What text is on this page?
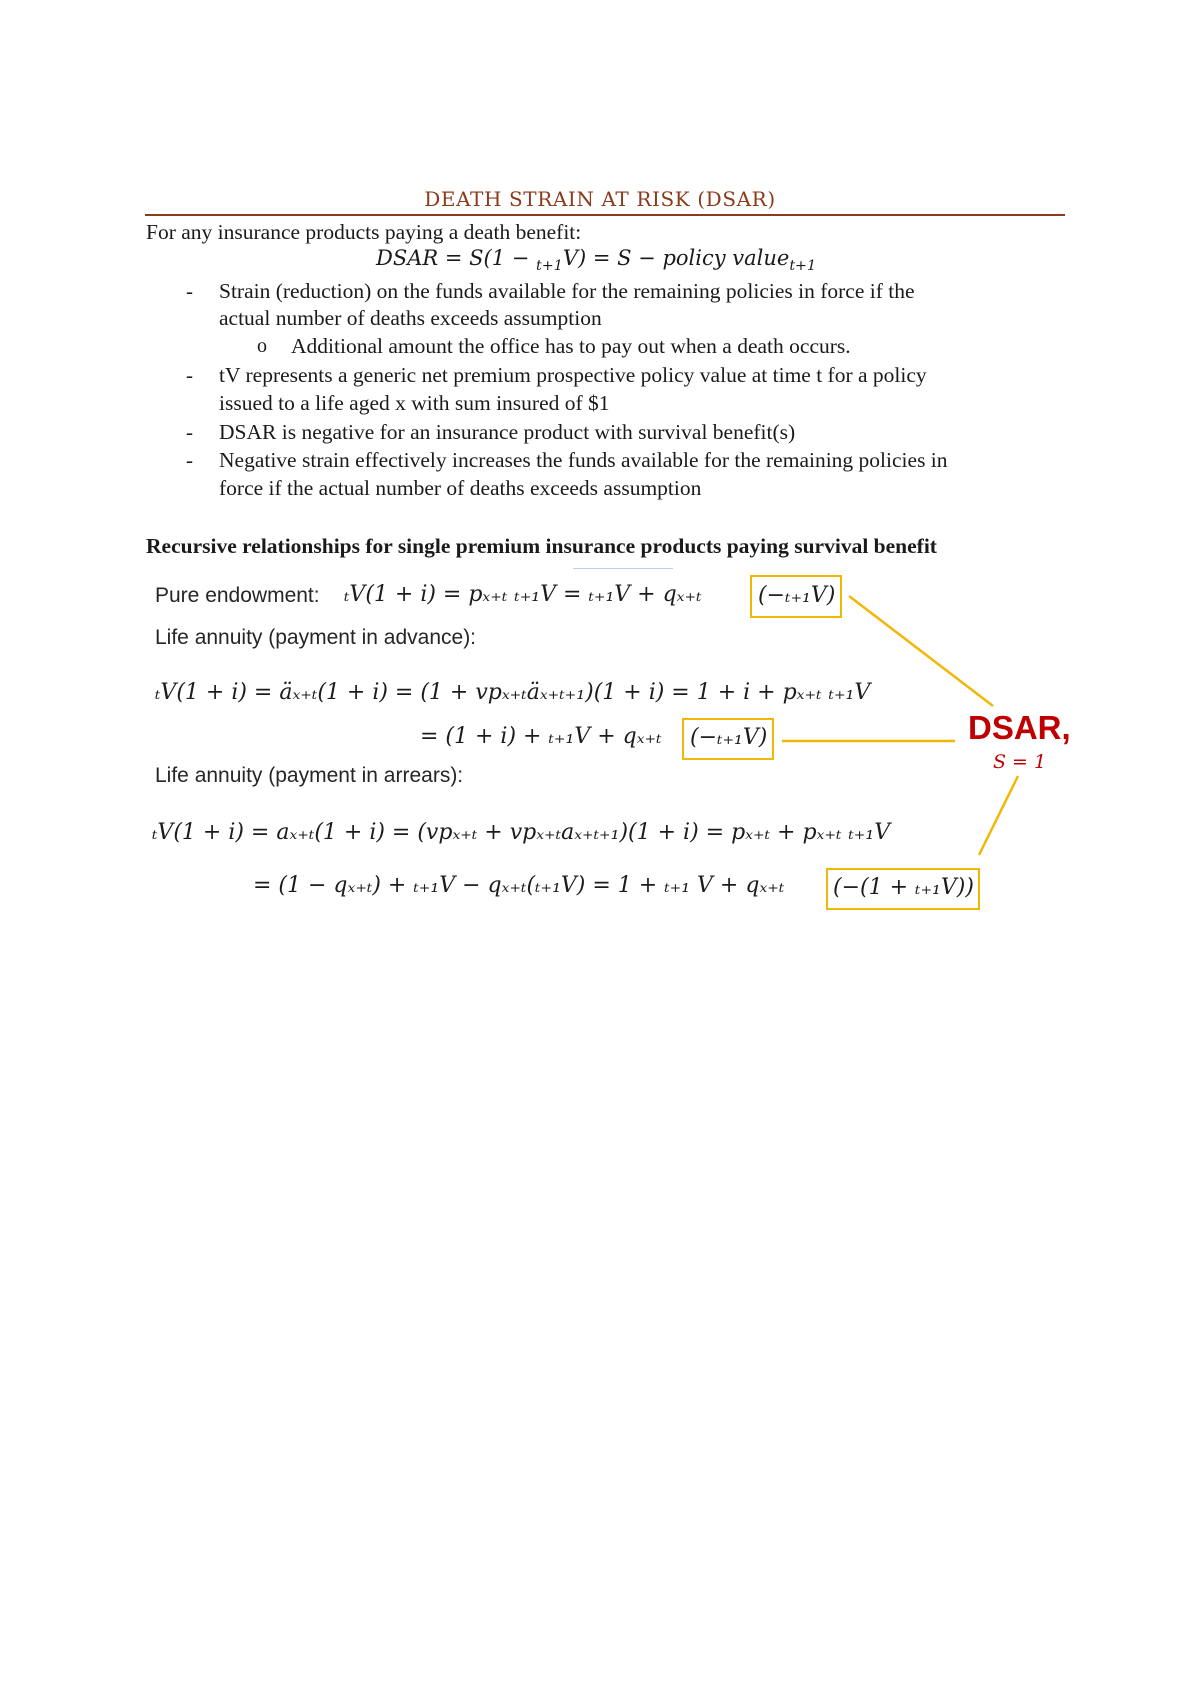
DEATH STRAIN AT RISK (DSAR)
For any insurance products paying a death benefit:
DSAR = S(1 − $_{t+1}$V) = S − policy value$_{t+1}$
- Strain (reduction) on the funds available for the remaining policies in force if the
actual number of deaths exceeds assumption
o Additional amount the office has to pay out when a death occurs.
- tV represents a generic net premium prospective policy value at time t for a policy
issued to a life aged x with sum insured of $1
- DSAR is negative for an insurance product with survival benefit(s)
- Negative strain effectively increases the funds available for the remaining policies in
force if the actual number of deaths exceeds assumption
Recursive relationships for single premium insurance products paying survival benefit
Pure endowment: ₜV(1 + i) = pₓ₊ₜ ₜ₊₁V = ₜ₊₁V + qₓ₊ₜ	(−ₜ₊₁V)
Life annuity (payment in advance):
ₜV(1 + i) = äₓ₊ₜ(1 + i) = (1 + vpₓ₊ₜäₓ₊ₜ₊₁)(1 + i) = 1 + i + pₓ₊ₜ ₜ₊₁V
= (1 + i) + ₜ₊₁V + qₓ₊ₜ (−ₜ₊₁V)
Life annuity (payment in arrears):
ₜV(1 + i) = aₓ₊ₜ(1 + i) = (vpₓ₊ₜ + vpₓ₊ₜaₓ₊ₜ₊₁)(1 + i) = pₓ₊ₜ + pₓ₊ₜ ₜ₊₁V
= (1 − qₓ₊ₜ) + ₜ₊₁V − qₓ₊ₜ(ₜ₊₁V) = 1 + ₜ₊₁ V + qₓ₊ₜ (−(1 + ₜ₊₁V))
DSAR,
S = 1
